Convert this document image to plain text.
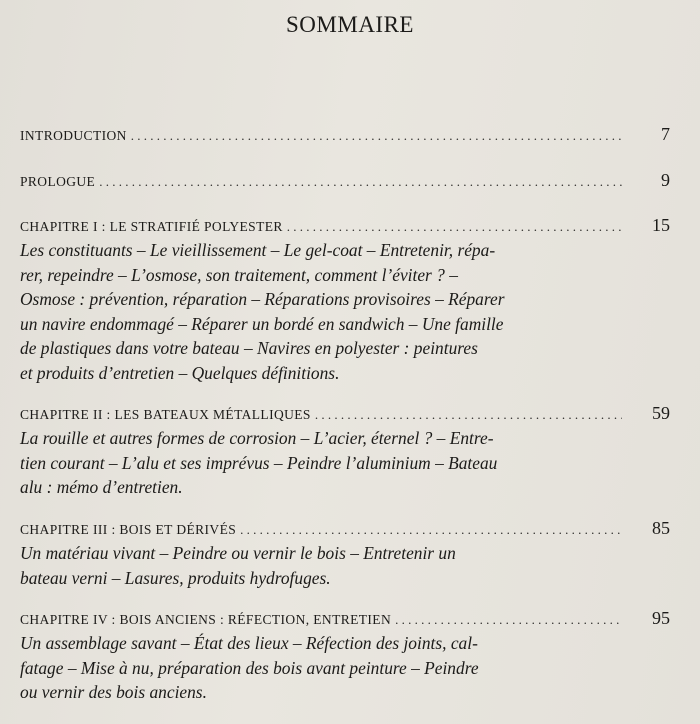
SOMMAIRE
INTRODUCTION . . .	7
PROLOGUE . . .	9
CHAPITRE I : LE STRATIFIÉ POLYESTER . . .	15
Les constituants – Le vieillissement – Le gel-coat – Entretenir, répa-
rer, repeindre – L’osmose, son traitement, comment l’éviter ? –
Osmose : prévention, réparation – Réparations provisoires – Réparer
un navire endommagé – Réparer un bordé en sandwich – Une famille
de plastiques dans votre bateau – Navires en polyester : peintures
et produits d’entretien – Quelques définitions.
CHAPITRE II : LES BATEAUX MÉTALLIQUES . . .	59
La rouille et autres formes de corrosion – L’acier, éternel ? – Entre-
tien courant – L’alu et ses imprévus – Peindre l’aluminium – Bateau
alu : mémo d’entretien.
CHAPITRE III : BOIS ET DÉRIVÉS . . .	85
Un matériau vivant – Peindre ou vernir le bois – Entretenir un
bateau verni – Lasures, produits hydrofuges.
CHAPITRE IV : BOIS ANCIENS : RÉFECTION, ENTRETIEN . . .	95
Un assemblage savant – État des lieux – Réfection des joints, cal-
fatage – Mise à nu, préparation des bois avant peinture – Peindre
ou vernir des bois anciens.
